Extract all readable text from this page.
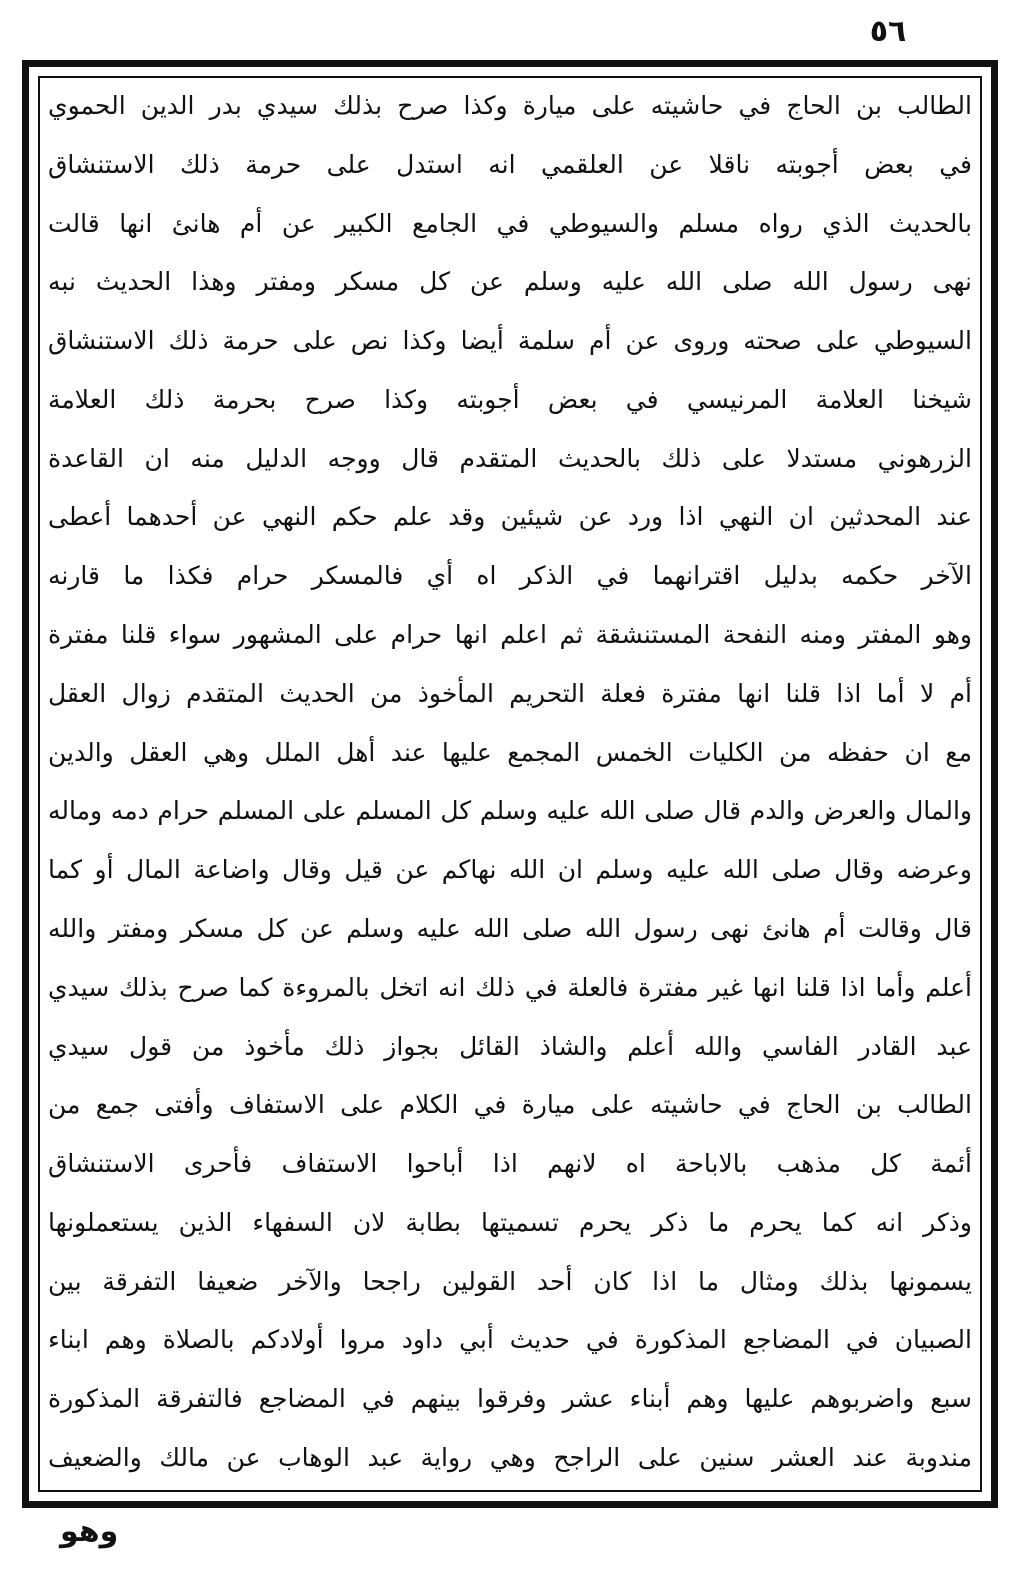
٥٦
الطالب بن الحاج في حاشيته على ميارة وكذا صرح بذلك سيدي بدر الدين الحموي
في بعض أجوبته ناقلا عن العلقمي انه استدل على حرمة ذلك الاستنشاق
بالحديث الذي رواه مسلم والسيوطي في الجامع الكبير عن أم هانئ انها قالت
نهى رسول الله صلى الله عليه وسلم عن كل مسكر ومفتر وهذا الحديث نبه
السيوطي على صحته وروى عن أم سلمة أيضا وكذا نص على حرمة ذلك الاستنشاق
شيخنا العلامة المرنيسي في بعض أجوبته وكذا صرح بحرمة ذلك العلامة
الزرهوني مستدلا على ذلك بالحديث المتقدم قال ووجه الدليل منه ان القاعدة
عند المحدثين ان النهي اذا ورد عن شيئين وقد علم حكم النهي عن أحدهما أعطى
الآخر حكمه بدليل اقترانهما في الذكر اه أي فالمسكر حرام فكذا ما قارنه
وهو المفتر ومنه النفحة المستنشقة ثم اعلم انها حرام على المشهور سواء قلنا مفترة
أم لا أما اذا قلنا انها مفترة فعلة التحريم المأخوذ من الحديث المتقدم زوال العقل
مع ان حفظه من الكليات الخمس المجمع عليها عند أهل الملل وهي العقل والدين
والمال والعرض والدم قال صلى الله عليه وسلم كل المسلم على المسلم حرام دمه وماله
وعرضه وقال صلى الله عليه وسلم ان الله نهاكم عن قيل وقال واضاعة المال أو كما
قال وقالت أم هانئ نهى رسول الله صلى الله عليه وسلم عن كل مسكر ومفتر والله
أعلم وأما اذا قلنا انها غير مفترة فالعلة في ذلك انه اتخل بالمروءة كما صرح بذلك سيدي
عبد القادر الفاسي والله أعلم والشاذ القائل بجواز ذلك مأخوذ من قول سيدي
الطالب بن الحاج في حاشيته على ميارة في الكلام على الاستفاف وأفتى جمع من
أئمة كل مذهب بالاباحة اه لانهم اذا أباحوا الاستفاف فأحرى الاستنشاق
وذكر انه كما يحرم ما ذكر يحرم تسميتها بطابة لان السفهاء الذين يستعملونها
يسمونها بذلك ومثال ما اذا كان أحد القولين راجحا والآخر ضعيفا التفرقة بين
الصبيان في المضاجع المذكورة في حديث أبي داود مروا أولادكم بالصلاة وهم ابناء
سبع واضربوهم عليها وهم أبناء عشر وفرقوا بينهم في المضاجع فالتفرقة المذكورة
مندوبة عند العشر سنين على الراجح وهي رواية عبد الوهاب عن مالك والضعيف
وهو
